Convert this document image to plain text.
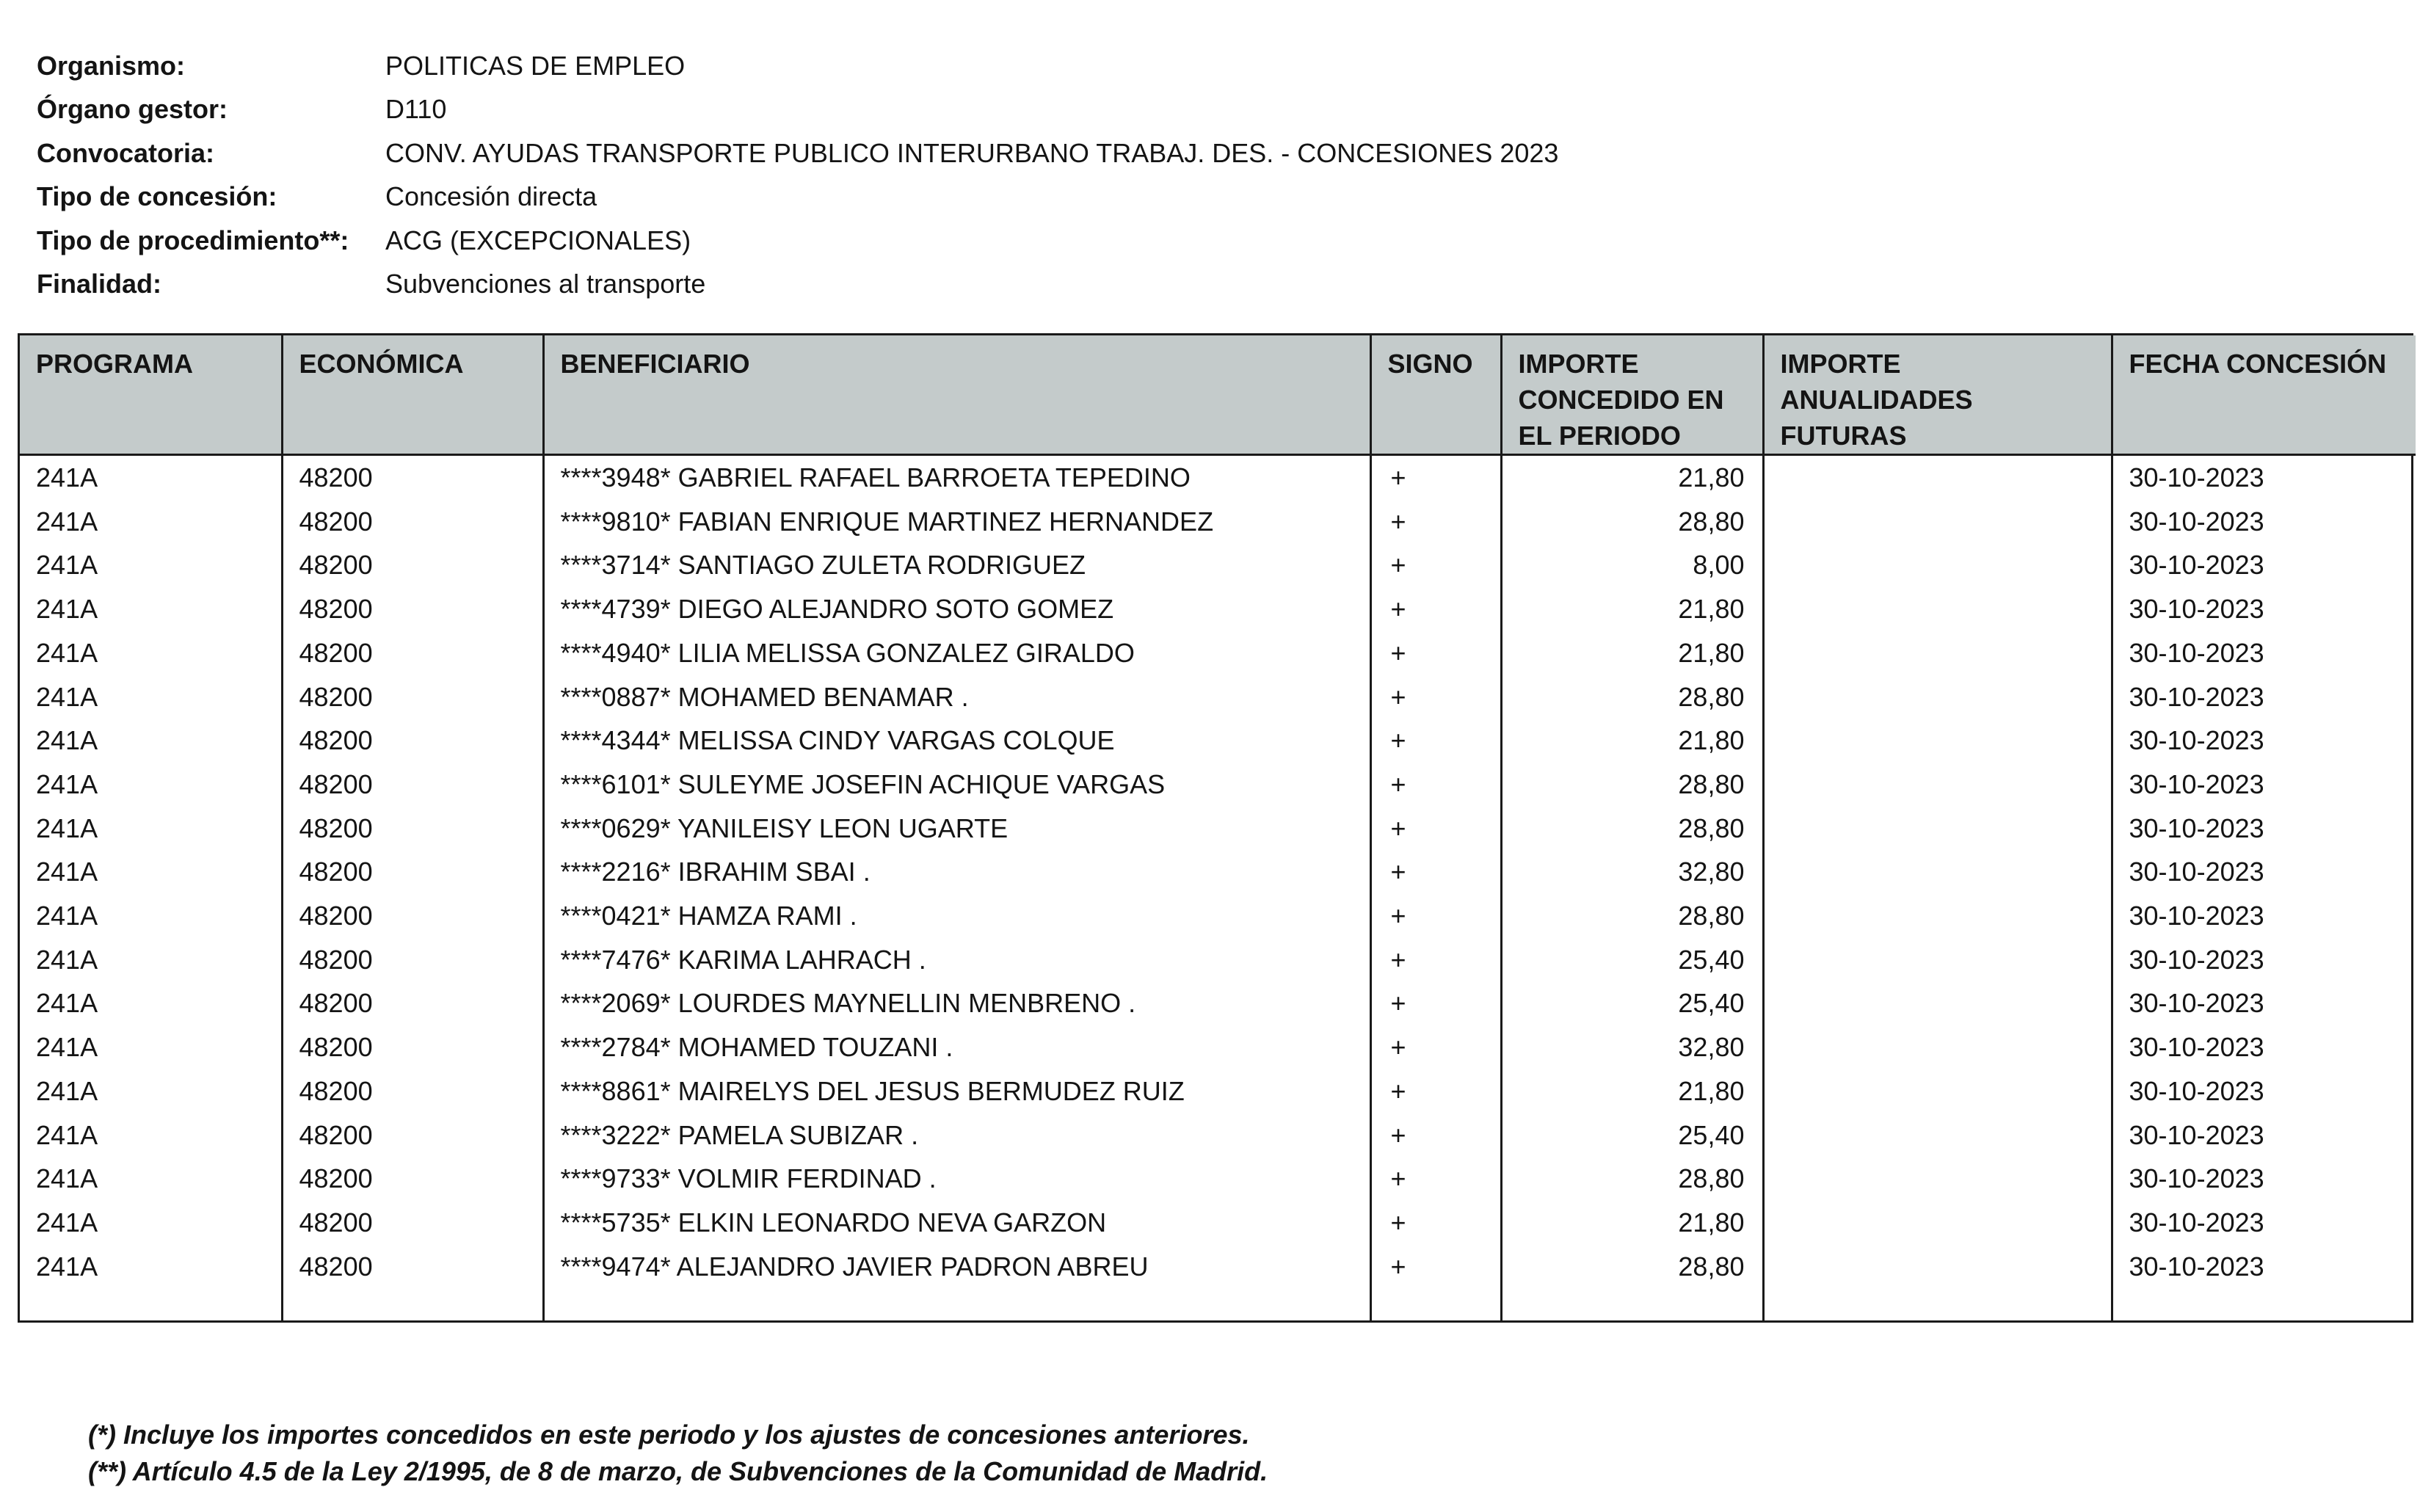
Organismo:	POLITICAS DE EMPLEO
Órgano gestor:	D110
Convocatoria:	CONV. AYUDAS TRANSPORTE PUBLICO INTERURBANO TRABAJ. DES. - CONCESIONES 2023
Tipo de concesión:	Concesión directa
Tipo de procedimiento**:	ACG (EXCEPCIONALES)
Finalidad:	Subvenciones al transporte
PROGRAMA	ECONÓMICA	BENEFICIARIO	SIGNO	IMPORTE CONCEDIDO EN EL PERIODO	IMPORTE ANUALIDADES FUTURAS	FECHA CONCESIÓN
241A	48200	****3948* GABRIEL RAFAEL BARROETA TEPEDINO	+	21,80		30-10-2023
241A	48200	****9810* FABIAN ENRIQUE MARTINEZ HERNANDEZ	+	28,80		30-10-2023
241A	48200	****3714* SANTIAGO ZULETA RODRIGUEZ	+	8,00		30-10-2023
241A	48200	****4739* DIEGO ALEJANDRO SOTO GOMEZ	+	21,80		30-10-2023
241A	48200	****4940* LILIA MELISSA GONZALEZ GIRALDO	+	21,80		30-10-2023
241A	48200	****0887* MOHAMED BENAMAR .	+	28,80		30-10-2023
241A	48200	****4344* MELISSA CINDY VARGAS COLQUE	+	21,80		30-10-2023
241A	48200	****6101* SULEYME JOSEFIN ACHIQUE VARGAS	+	28,80		30-10-2023
241A	48200	****0629* YANILEISY LEON UGARTE	+	28,80		30-10-2023
241A	48200	****2216* IBRAHIM SBAI .	+	32,80		30-10-2023
241A	48200	****0421* HAMZA RAMI .	+	28,80		30-10-2023
241A	48200	****7476* KARIMA LAHRACH .	+	25,40		30-10-2023
241A	48200	****2069* LOURDES MAYNELLIN MENBRENO .	+	25,40		30-10-2023
241A	48200	****2784* MOHAMED TOUZANI .	+	32,80		30-10-2023
241A	48200	****8861* MAIRELYS DEL JESUS BERMUDEZ RUIZ	+	21,80		30-10-2023
241A	48200	****3222* PAMELA SUBIZAR .	+	25,40		30-10-2023
241A	48200	****9733* VOLMIR FERDINAD .	+	28,80		30-10-2023
241A	48200	****5735* ELKIN LEONARDO NEVA GARZON	+	21,80		30-10-2023
241A	48200	****9474* ALEJANDRO JAVIER PADRON ABREU	+	28,80		30-10-2023

(*) Incluye los importes concedidos en este periodo y los ajustes de concesiones anteriores.
(**) Artículo 4.5 de la Ley 2/1995, de 8 de marzo, de Subvenciones de la Comunidad de Madrid.
